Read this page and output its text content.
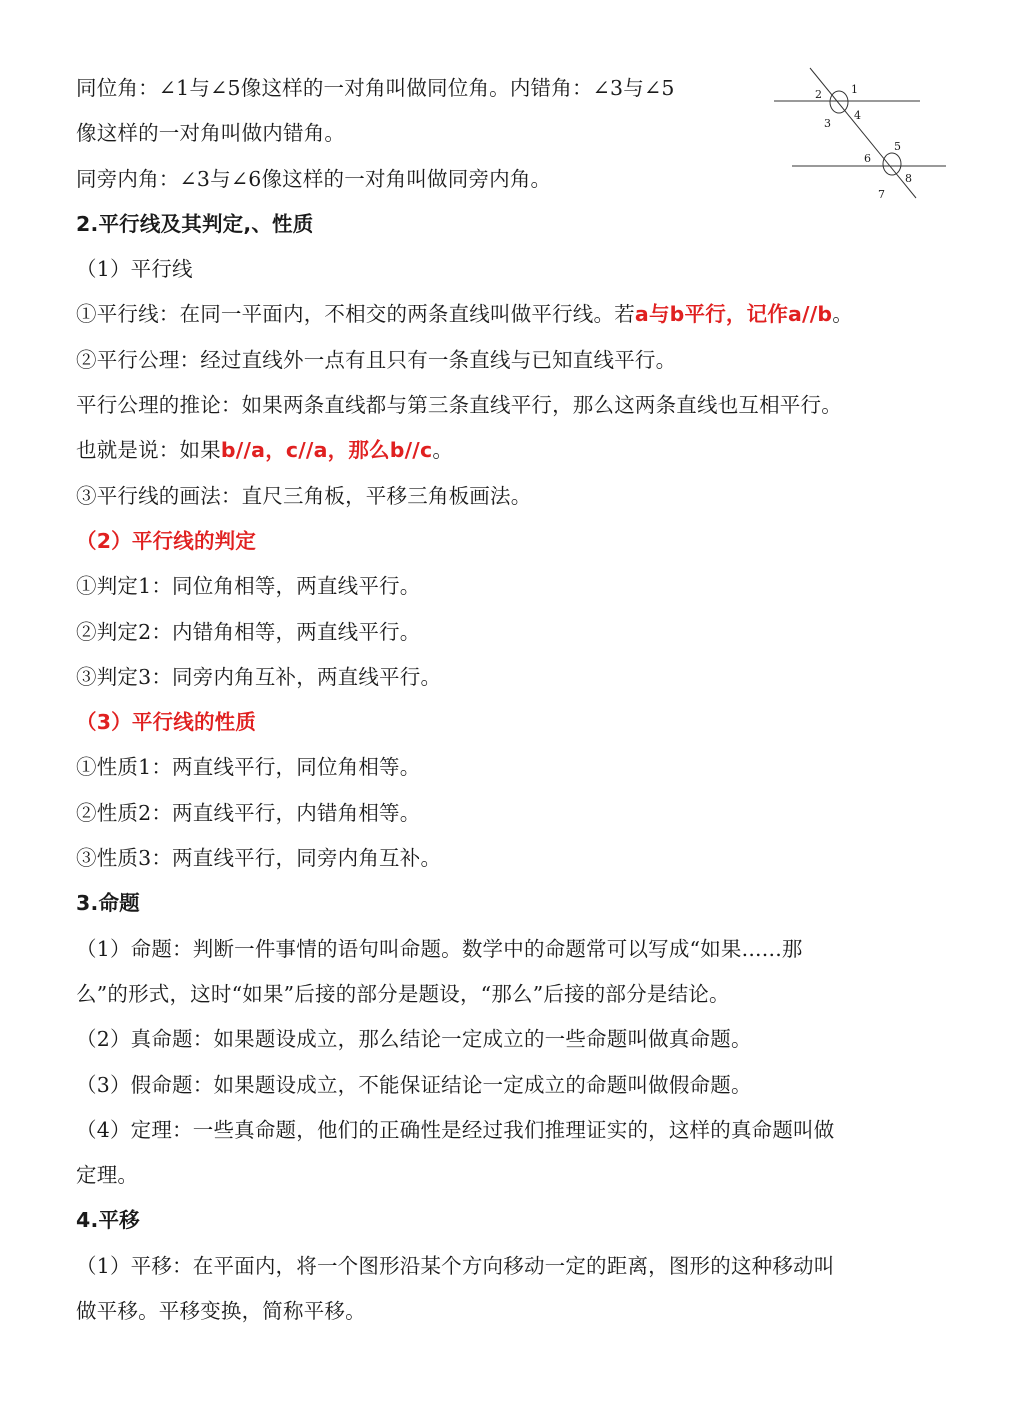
同位角：∠1与∠5像这样的一对角叫做同位角。内错角：∠3与∠5
像这样的一对角叫做内错角。
同旁内角：∠3与∠6像这样的一对角叫做同旁内角。
2.平行线及其判定,、性质
（1）平行线
①平行线：在同一平面内，不相交的两条直线叫做平行线。若a与b平行，记作a//b。
②平行公理：经过直线外一点有且只有一条直线与已知直线平行。
平行公理的推论：如果两条直线都与第三条直线平行，那么这两条直线也互相平行。
也就是说：如果b//a，c//a，那么b//c。
③平行线的画法：直尺三角板，平移三角板画法。
（2）平行线的判定
①判定1：同位角相等，两直线平行。
②判定2：内错角相等，两直线平行。
③判定3：同旁内角互补，两直线平行。
（3）平行线的性质
①性质1：两直线平行，同位角相等。
②性质2：两直线平行，内错角相等。
③性质3：两直线平行，同旁内角互补。
3.命题
（1）命题：判断一件事情的语句叫命题。数学中的命题常可以写成“如果......那
么”的形式，这时“如果”后接的部分是题设，“那么”后接的部分是结论。
（2）真命题：如果题设成立，那么结论一定成立的一些命题叫做真命题。
（3）假命题：如果题设成立，不能保证结论一定成立的命题叫做假命题。
（4）定理：一些真命题，他们的正确性是经过我们推理证实的，这样的真命题叫做
定理。
4.平移
（1）平移：在平面内，将一个图形沿某个方向移动一定的距离，图形的这种移动叫
做平移。平移变换，简称平移。
1
2
3
4
5
6
7
8
